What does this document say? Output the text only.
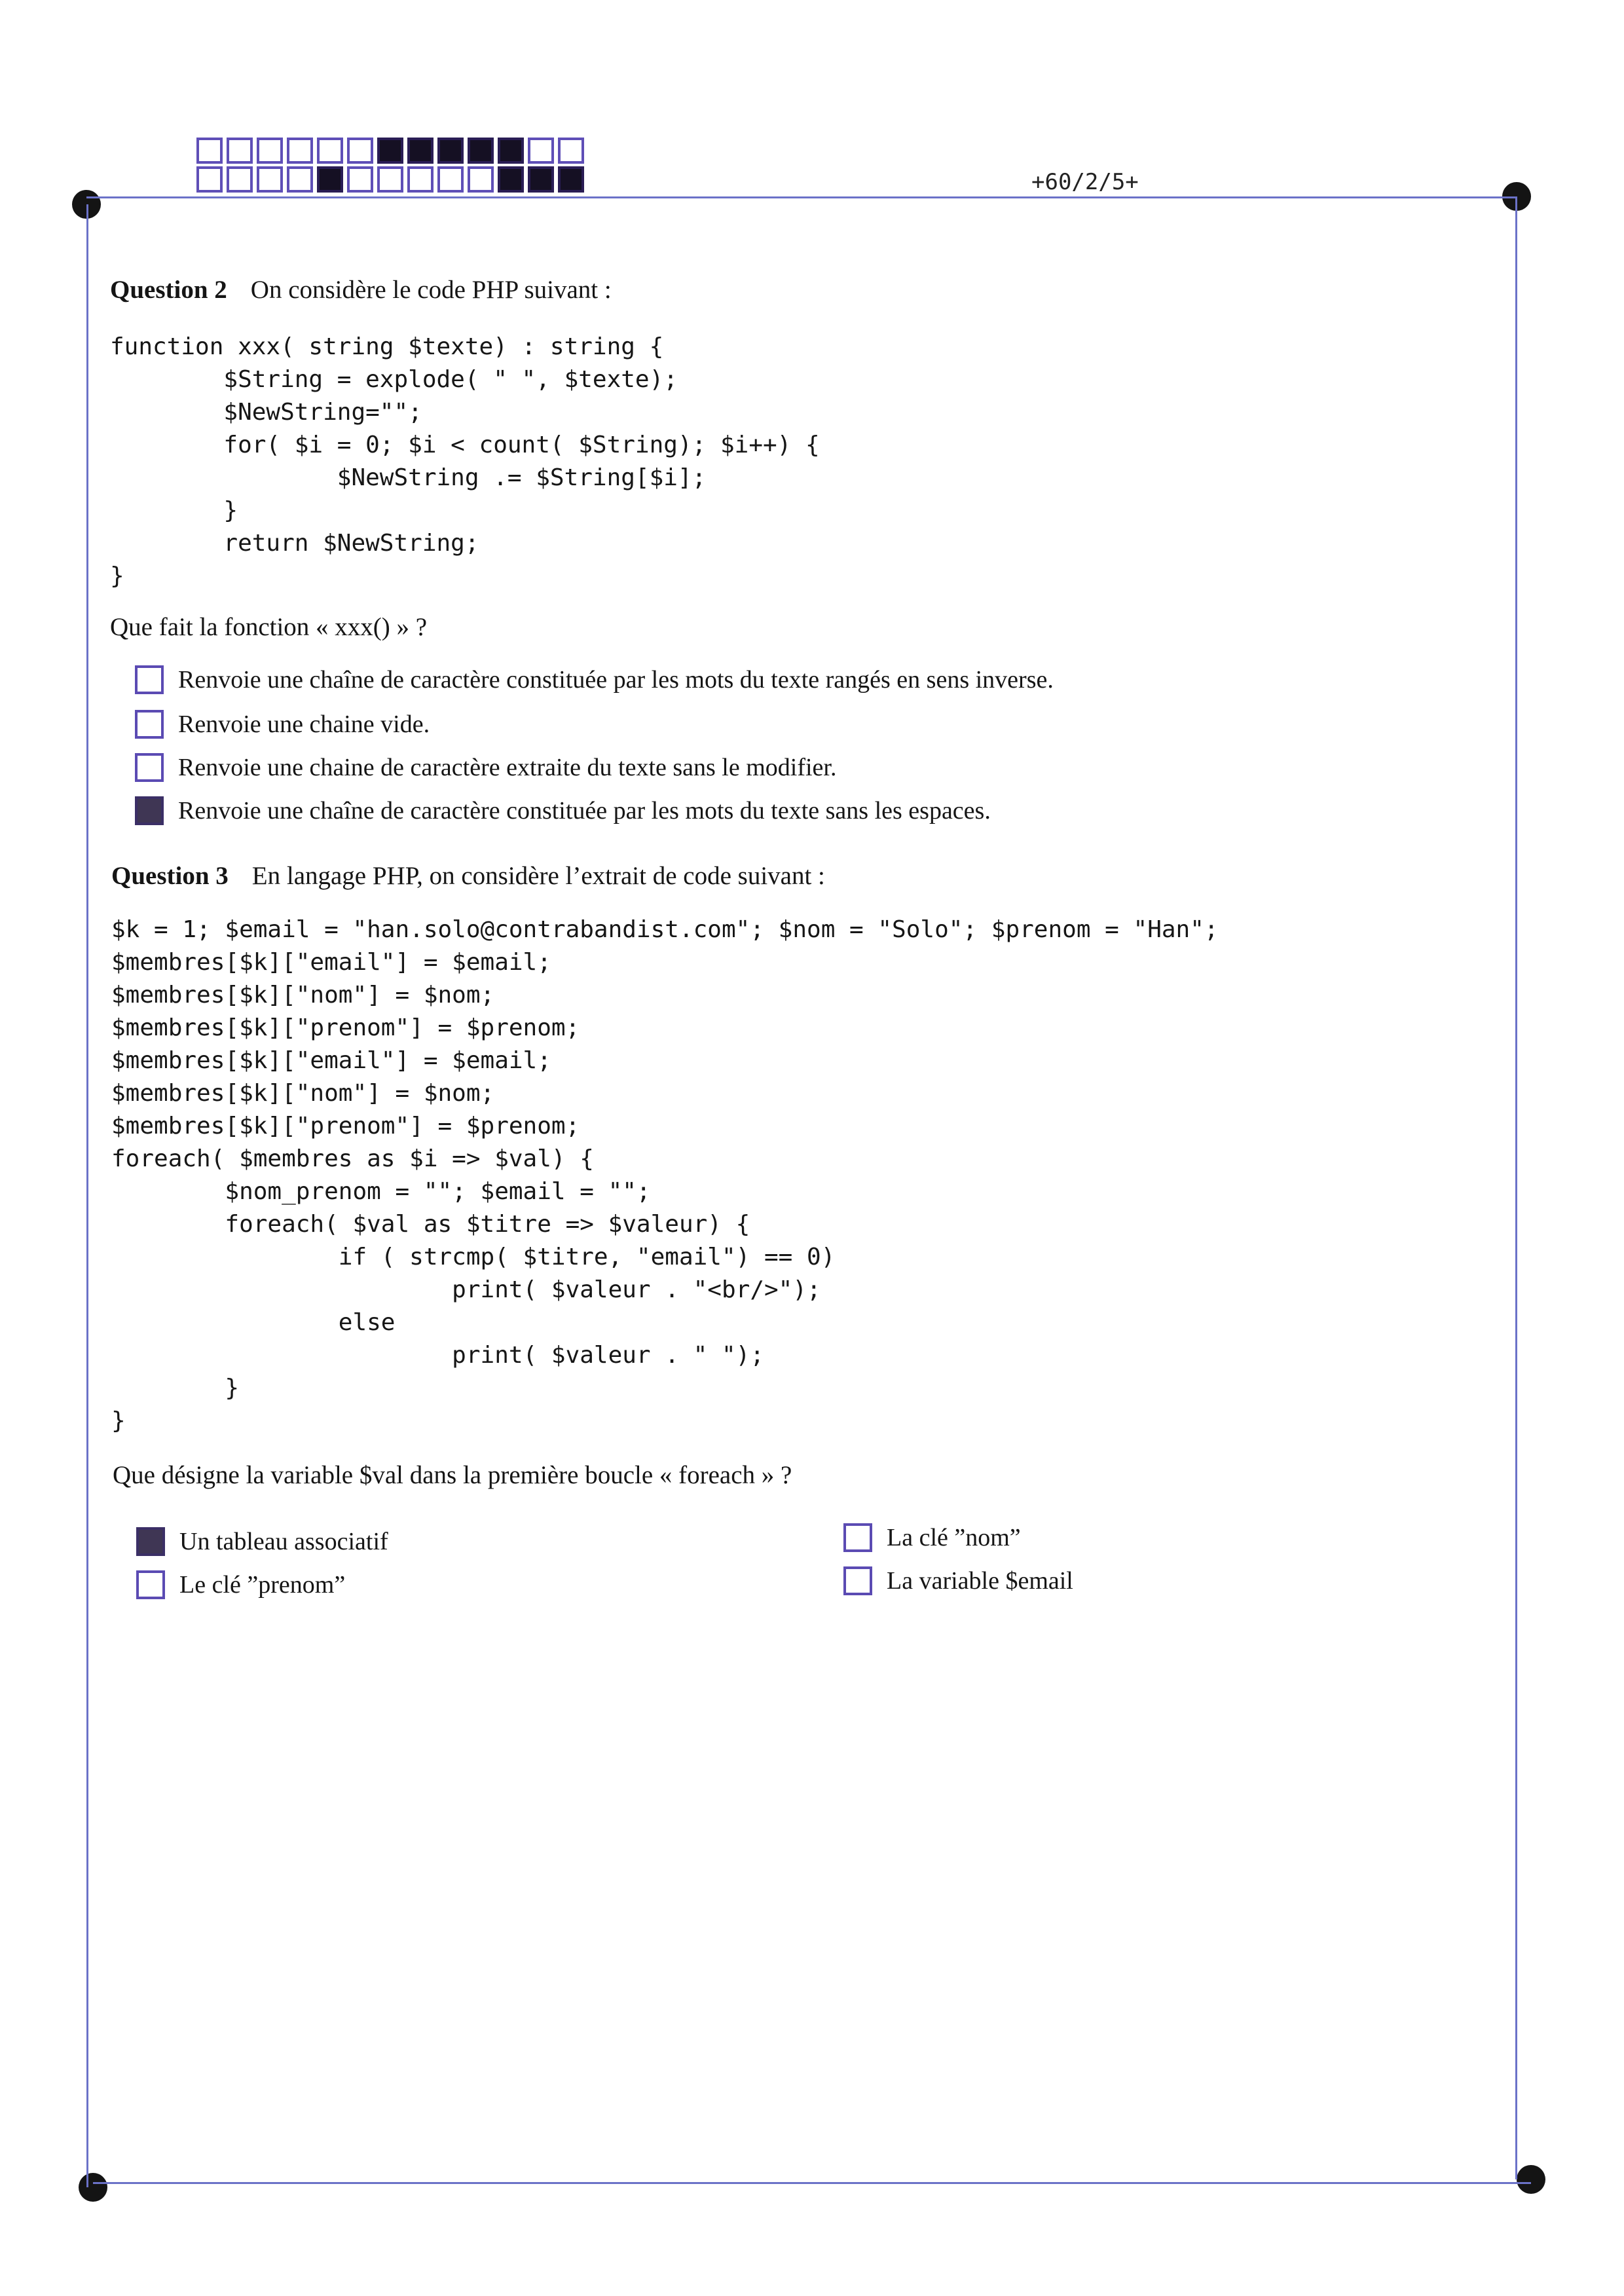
+60/2/5+
Question 2 On considère le code PHP suivant :
function xxx( string $texte) : string {
$String = explode( " ", $texte);
$NewString="";
for( $i = 0; $i < count( $String); $i++) {
$NewString .= $String[$i];
}
return $NewString;
}
Que fait la fonction « xxx() » ?
Renvoie une chaîne de caractère constituée par les mots du texte rangés en sens inverse.
Renvoie une chaine vide.
Renvoie une chaine de caractère extraite du texte sans le modifier.
Renvoie une chaîne de caractère constituée par les mots du texte sans les espaces.
Question 3 En langage PHP, on considère l’extrait de code suivant :
$k = 1; $email = "han.solo@contrabandist.com"; $nom = "Solo"; $prenom = "Han";
$membres[$k]["email"] = $email;
$membres[$k]["nom"] = $nom;
$membres[$k]["prenom"] = $prenom;
$membres[$k]["email"] = $email;
$membres[$k]["nom"] = $nom;
$membres[$k]["prenom"] = $prenom;
foreach( $membres as $i => $val) {
$nom_prenom = ""; $email = "";
foreach( $val as $titre => $valeur) {
if ( strcmp( $titre, "email") == 0)
print( $valeur . "<br/>");
else
print( $valeur . " ");
}
}
Que désigne la variable $val dans la première boucle « foreach » ?
Un tableau associatif
Le clé ”prenom”
La clé ”nom”
La variable $email
